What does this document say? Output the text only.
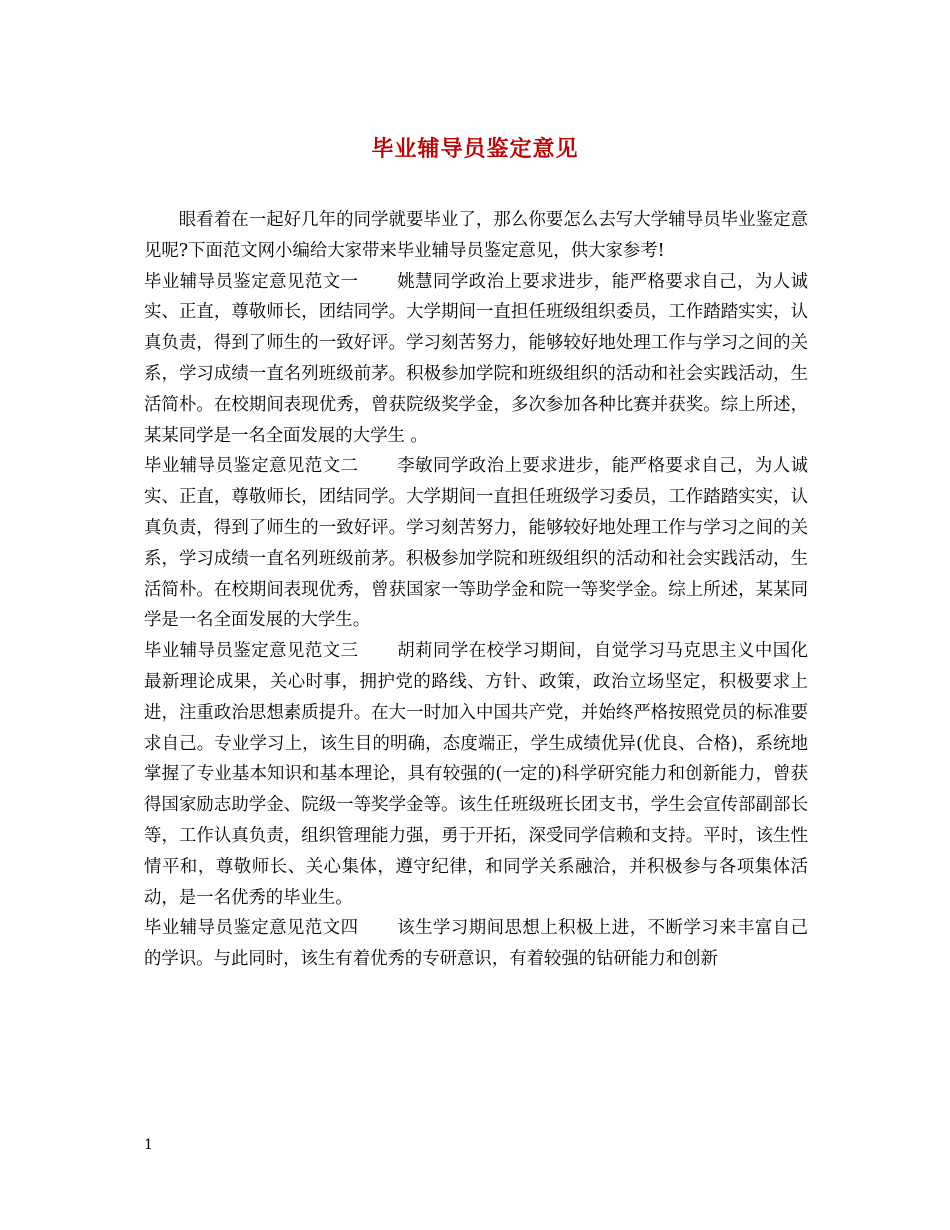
毕业辅导员鉴定意见

眼看着在一起好几年的同学就要毕业了，那么你要怎么去写大学辅导员毕业鉴定意见呢?下面范文网小编给大家带来毕业辅导员鉴定意见，供大家参考!

毕业辅导员鉴定意见范文一 姚慧同学政治上要求进步，能严格要求自己，为人诚实、正直，尊敬师长，团结同学。大学期间一直担任班级组织委员，工作踏踏实实，认真负责，得到了师生的一致好评。学习刻苦努力，能够较好地处理工作与学习之间的关系，学习成绩一直名列班级前茅。积极参加学院和班级组织的活动和社会实践活动，生活简朴。在校期间表现优秀，曾获院级奖学金，多次参加各种比赛并获奖。综上所述，某某同学是一名全面发展的大学生 。

毕业辅导员鉴定意见范文二 李敏同学政治上要求进步，能严格要求自己，为人诚实、正直，尊敬师长，团结同学。大学期间一直担任班级学习委员，工作踏踏实实，认真负责，得到了师生的一致好评。学习刻苦努力，能够较好地处理工作与学习之间的关系，学习成绩一直名列班级前茅。积极参加学院和班级组织的活动和社会实践活动，生活简朴。在校期间表现优秀，曾获国家一等助学金和院一等奖学金。综上所述，某某同学是一名全面发展的大学生。

毕业辅导员鉴定意见范文三 胡莉同学在校学习期间，自觉学习马克思主义中国化最新理论成果，关心时事，拥护党的路线、方针、政策，政治立场坚定，积极要求上进，注重政治思想素质提升。在大一时加入中国共产党，并始终严格按照党员的标准要求自己。专业学习上，该生目的明确，态度端正，学生成绩优异(优良、合格)，系统地掌握了专业基本知识和基本理论，具有较强的(一定的)科学研究能力和创新能力，曾获得国家励志助学金、院级一等奖学金等。该生任班级班长团支书，学生会宣传部副部长等，工作认真负责，组织管理能力强，勇于开拓，深受同学信赖和支持。平时，该生性情平和，尊敬师长、关心集体，遵守纪律，和同学关系融洽，并积极参与各项集体活动，是一名优秀的毕业生。

毕业辅导员鉴定意见范文四 该生学习期间思想上积极上进，不断学习来丰富自己的学识。与此同时，该生有着优秀的专研意识，有着较强的钻研能力和创新

1
